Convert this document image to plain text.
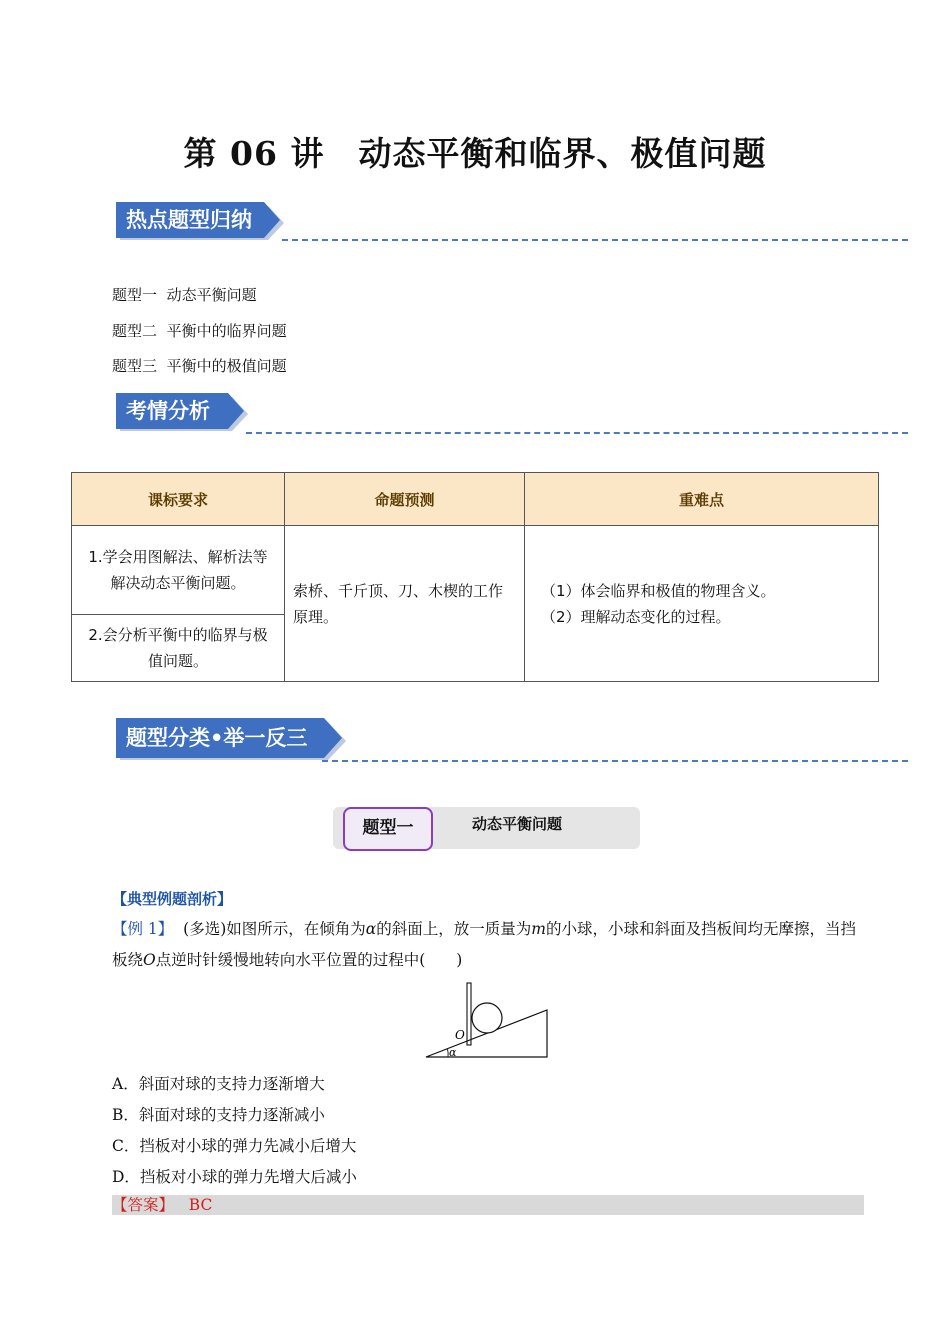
第 06 讲　动态平衡和临界、极值问题
热点题型归纳
题型一 动态平衡问题
题型二 平衡中的临界问题
题型三 平衡中的极值问题
考情分析
课标要求	命题预测	重难点
1.学会用图解法、解析法等解决动态平衡问题。	索桥、千斤顶、刀、木楔的工作原理。	（1）体会临界和极值的物理含义。
（2）理解动态变化的过程。

2.会分析平衡中的临界与极值问题。		
题型分类•举一反三
题型一	动态平衡问题
【典型例题剖析】
【例 1】 (多选)如图所示，在倾角为α的斜面上，放一质量为m的小球，小球和斜面及挡板间均无摩擦，当挡板绕O点逆时针缓慢地转向水平位置的过程中(　　)
O
α
A．斜面对球的支持力逐渐增大
B．斜面对球的支持力逐渐减小
C．挡板对小球的弹力先减小后增大
D．挡板对小球的弹力先增大后减小
【答案】 BC
